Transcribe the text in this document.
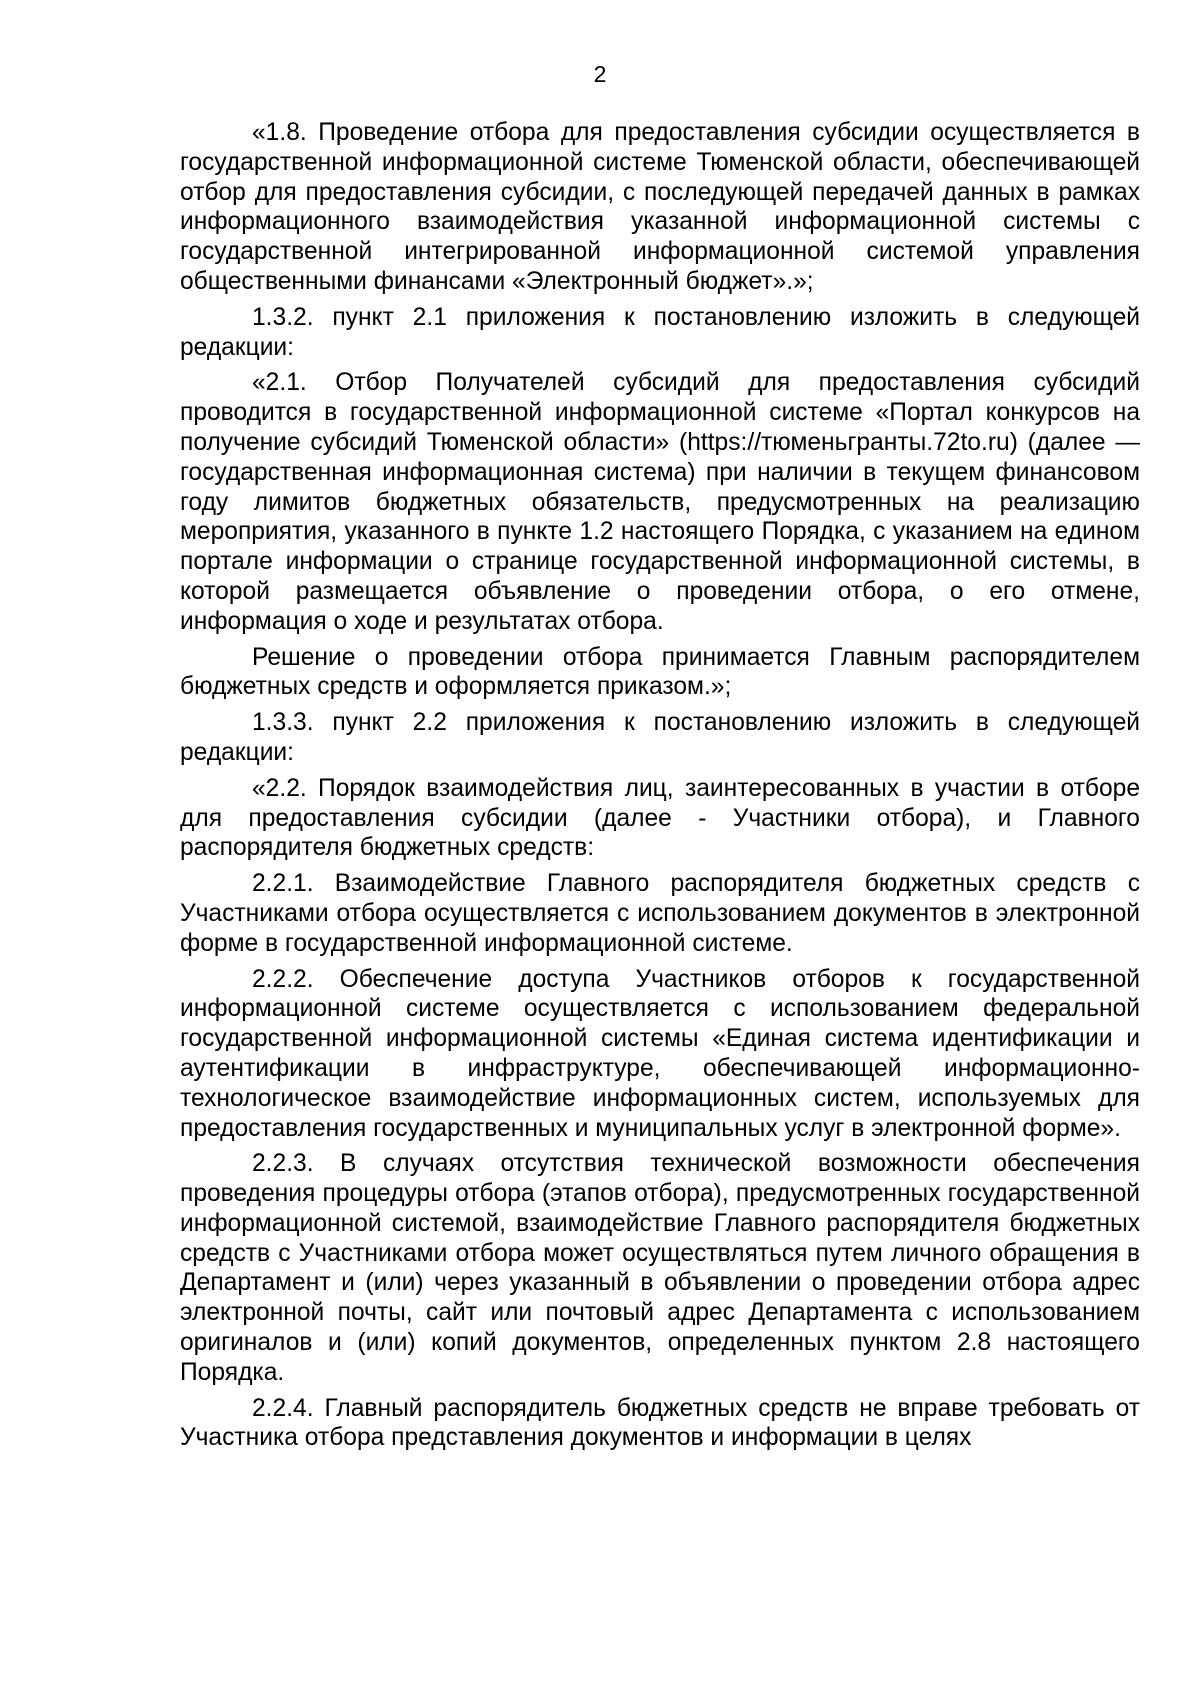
2

«1.8. Проведение отбора для предоставления субсидии осуществляется в государственной информационной системе Тюменской области, обеспечивающей отбор для предоставления субсидии, с последующей передачей данных в рамках информационного взаимодействия указанной информационной системы с государственной интегрированной информационной системой управления общественными финансами «Электронный бюджет».»;

1.3.2. пункт 2.1 приложения к постановлению изложить в следующей редакции:

«2.1. Отбор Получателей субсидий для предоставления субсидий проводится в государственной информационной системе «Портал конкурсов на получение субсидий Тюменской области» (https://тюменьгранты.72to.ru) (далее — государственная информационная система) при наличии в текущем финансовом году лимитов бюджетных обязательств, предусмотренных на реализацию мероприятия, указанного в пункте 1.2 настоящего Порядка, с указанием на едином портале информации о странице государственной информационной системы, в которой размещается объявление о проведении отбора, о его отмене, информация о ходе и результатах отбора.

Решение о проведении отбора принимается Главным распорядителем бюджетных средств и оформляется приказом.»;

1.3.3. пункт 2.2 приложения к постановлению изложить в следующей редакции:

«2.2. Порядок взаимодействия лиц, заинтересованных в участии в отборе для предоставления субсидии (далее - Участники отбора), и Главного распорядителя бюджетных средств:

2.2.1. Взаимодействие Главного распорядителя бюджетных средств с Участниками отбора осуществляется с использованием документов в электронной форме в государственной информационной системе.

2.2.2. Обеспечение доступа Участников отборов к государственной информационной системе осуществляется с использованием федеральной государственной информационной системы «Единая система идентификации и аутентификации в инфраструктуре, обеспечивающей информационно-технологическое взаимодействие информационных систем, используемых для предоставления государственных и муниципальных услуг в электронной форме».

2.2.3. В случаях отсутствия технической возможности обеспечения проведения процедуры отбора (этапов отбора), предусмотренных государственной информационной системой, взаимодействие Главного распорядителя бюджетных средств с Участниками отбора может осуществляться путем личного обращения в Департамент и (или) через указанный в объявлении о проведении отбора адрес электронной почты, сайт или почтовый адрес Департамента с использованием оригиналов и (или) копий документов, определенных пунктом 2.8 настоящего Порядка.

2.2.4. Главный распорядитель бюджетных средств не вправе требовать от Участника отбора представления документов и информации в целях
